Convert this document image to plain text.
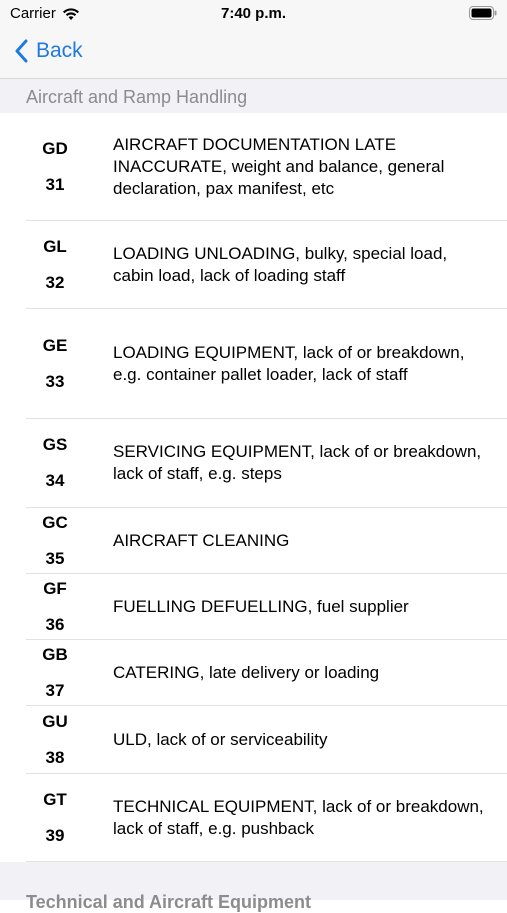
Carrier	7:40 p.m.
Back
Aircraft and Ramp Handling
GD
31
AIRCRAFT DOCUMENTATION LATE INACCURATE, weight and balance, general declaration, pax manifest, etc
GL
32
LOADING UNLOADING, bulky, special load, cabin load, lack of loading staff
GE
33
LOADING EQUIPMENT, lack of or breakdown, e.g. container pallet loader, lack of staff
GS
34
SERVICING EQUIPMENT, lack of or breakdown, lack of staff, e.g. steps
GC
35
AIRCRAFT CLEANING
GF
36
FUELLING DEFUELLING, fuel supplier
GB
37
CATERING, late delivery or loading
GU
38
ULD, lack of or serviceability
GT
39
TECHNICAL EQUIPMENT, lack of or breakdown, lack of staff, e.g. pushback
Technical and Aircraft Equipment
